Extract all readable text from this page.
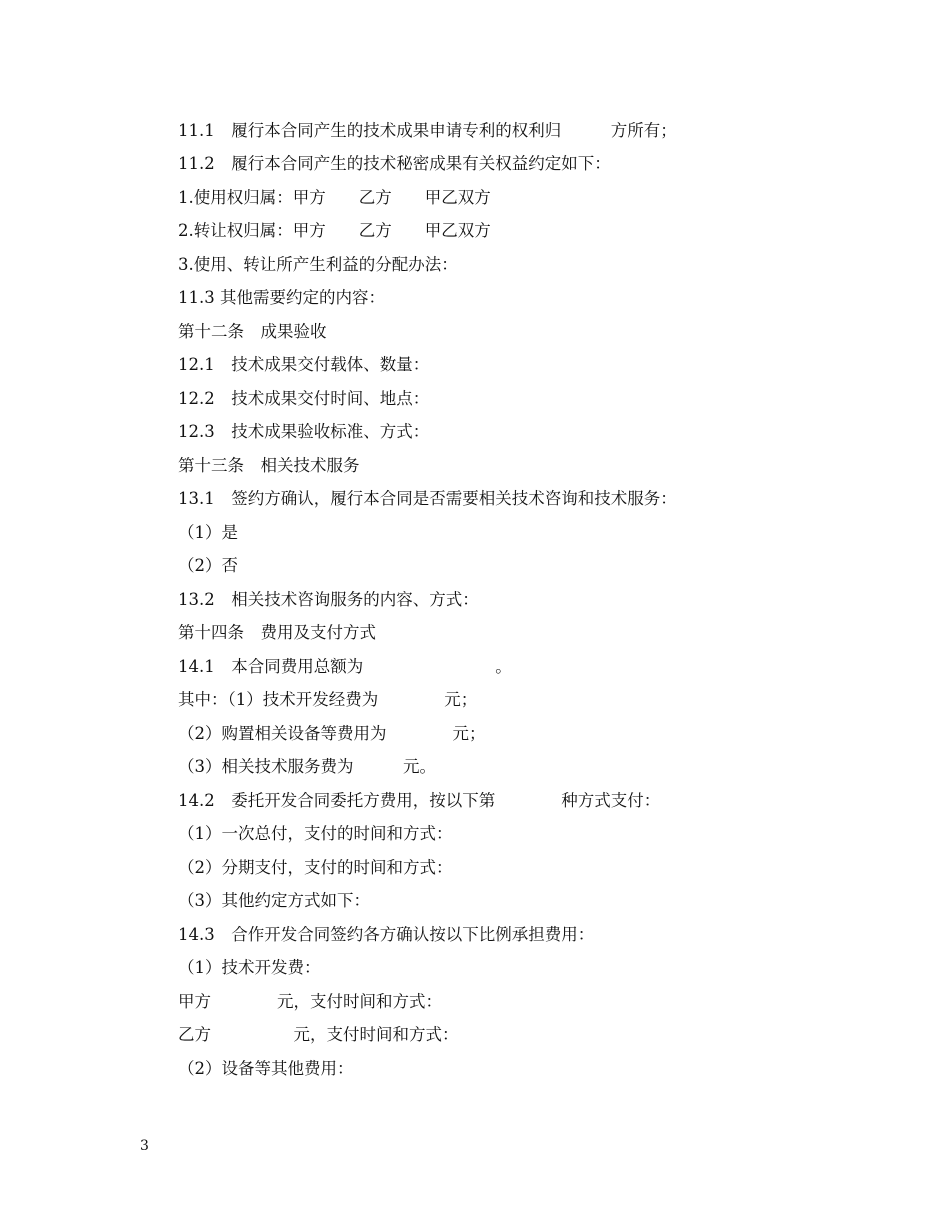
11.1　履行本合同产生的技术成果申请专利的权利归　　　方所有；
11.2　履行本合同产生的技术秘密成果有关权益约定如下：
1.使用权归属：甲方　　乙方　　甲乙双方
2.转让权归属：甲方　　乙方　　甲乙双方
3.使用、转让所产生利益的分配办法：
11.3 其他需要约定的内容：
第十二条　成果验收
12.1　技术成果交付载体、数量：
12.2　技术成果交付时间、地点：
12.3　技术成果验收标准、方式：
第十三条　相关技术服务
13.1　签约方确认，履行本合同是否需要相关技术咨询和技术服务：
（1）是
（2）否
13.2　相关技术咨询服务的内容、方式：
第十四条　费用及支付方式
14.1　本合同费用总额为　　　　　　　　。
其中：（1）技术开发经费为　　　　元；
（2）购置相关设备等费用为　　　　元；
（3）相关技术服务费为　　　元。
14.2　委托开发合同委托方费用，按以下第　　　　种方式支付：
（1）一次总付，支付的时间和方式：
（2）分期支付，支付的时间和方式：
（3）其他约定方式如下：
14.3　合作开发合同签约各方确认按以下比例承担费用：
（1）技术开发费：
甲方　　　　元，支付时间和方式：
乙方　　　　　元，支付时间和方式：
（2）设备等其他费用：
3
